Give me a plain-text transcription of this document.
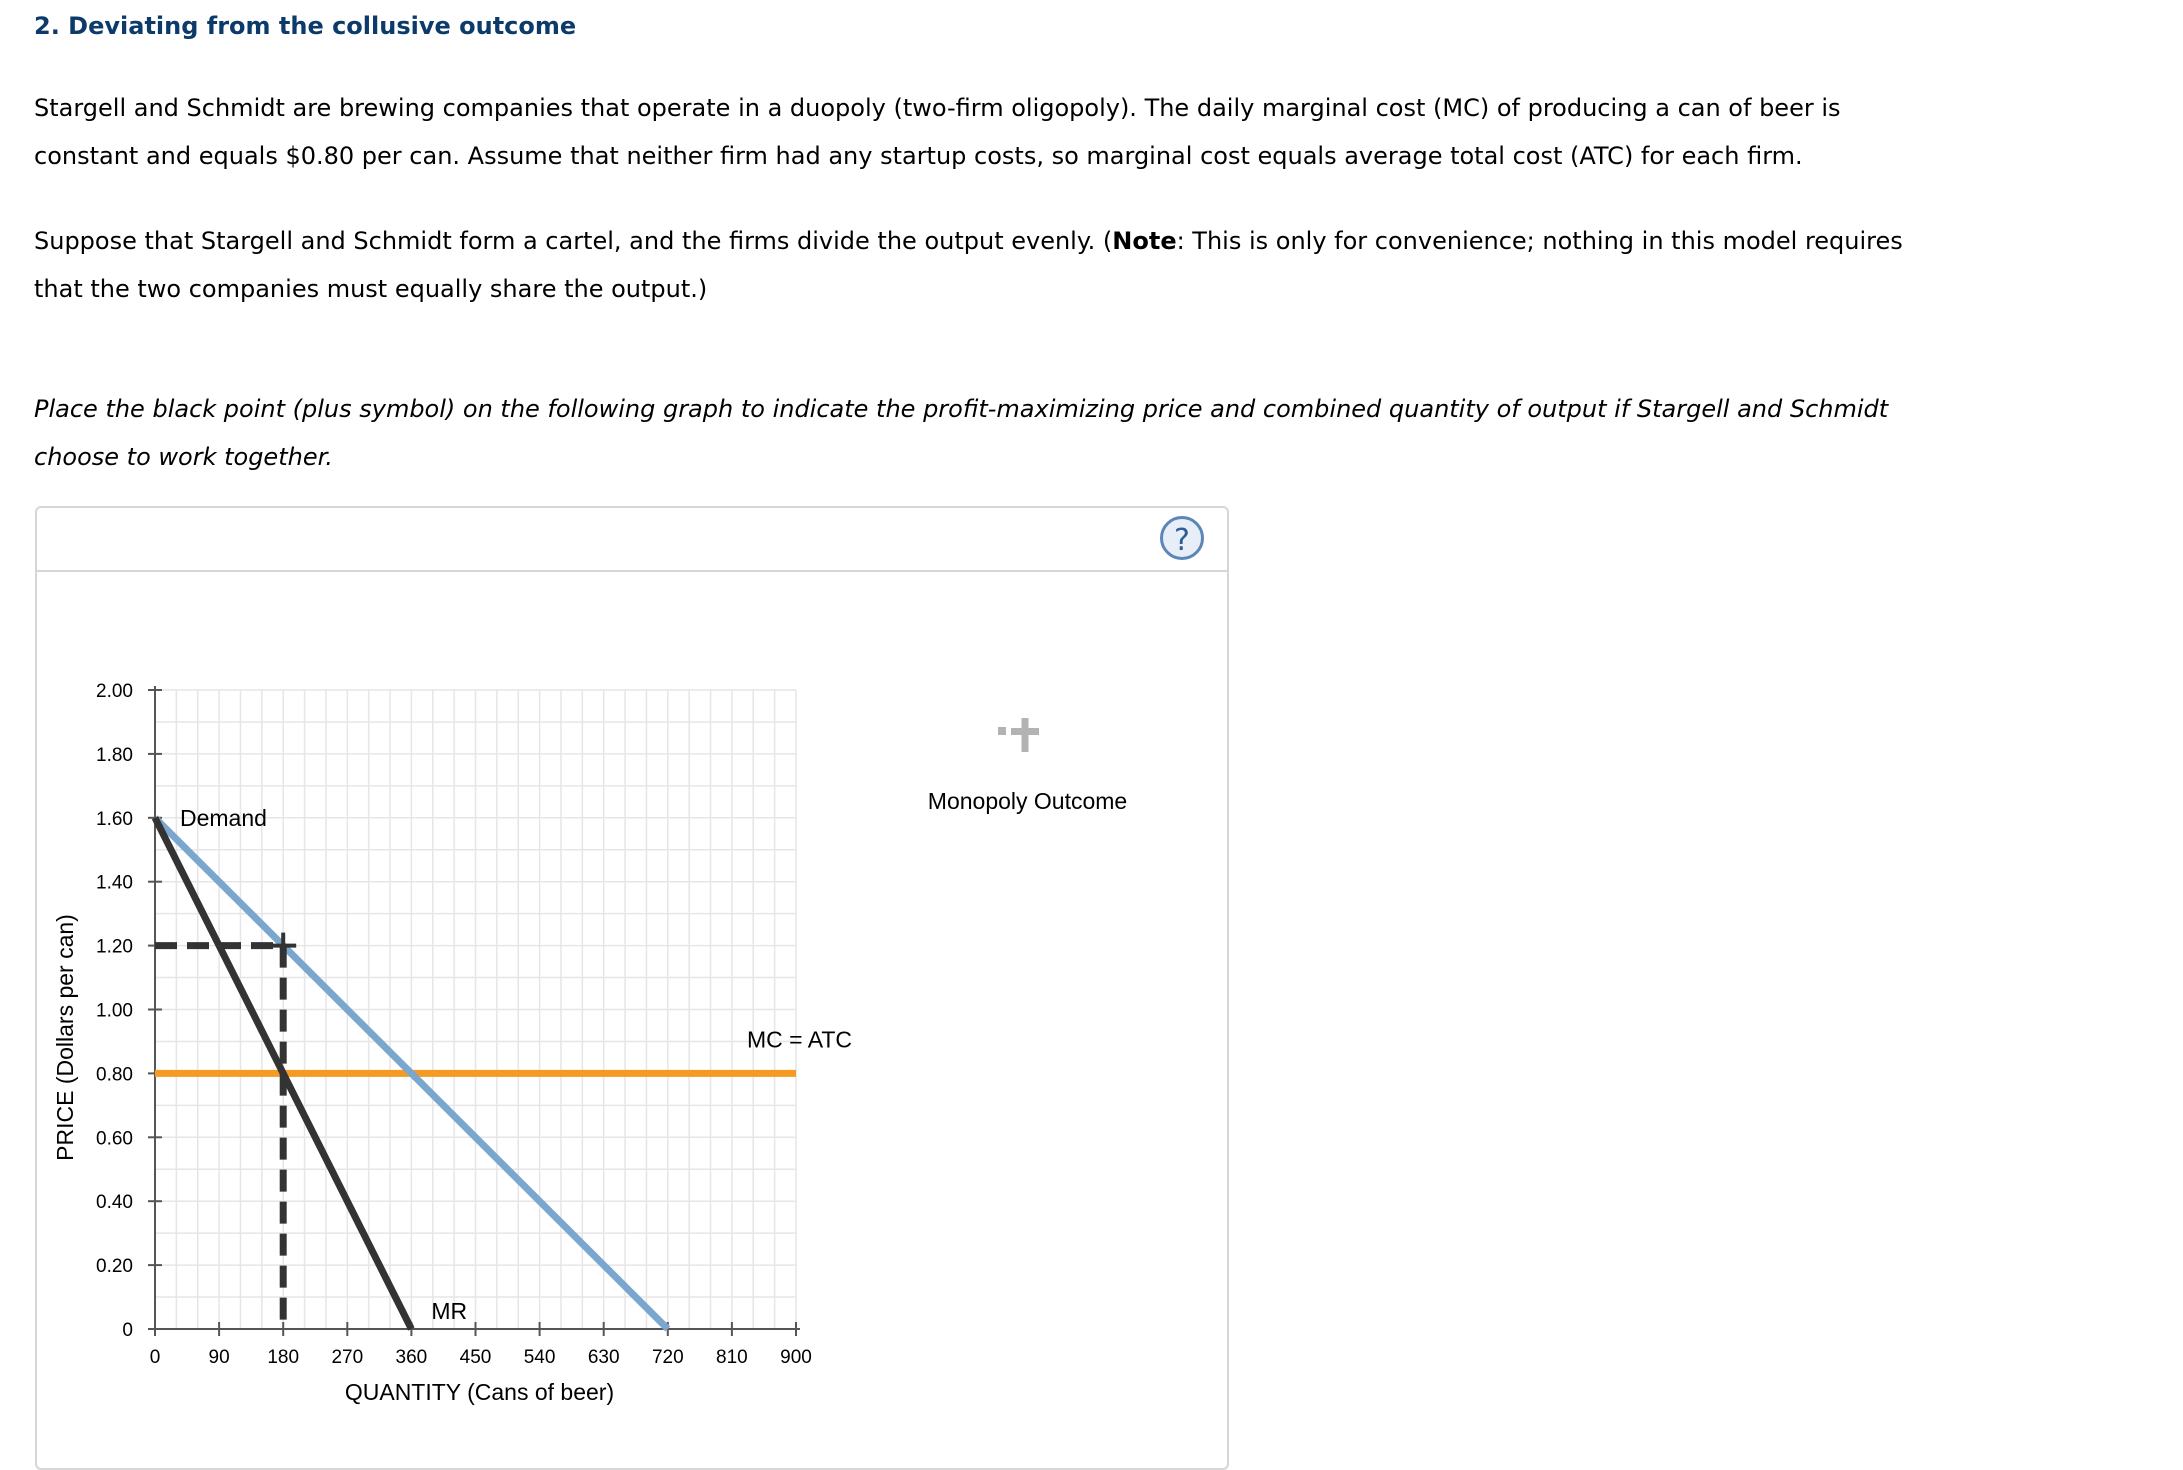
2. Deviating from the collusive outcome

Stargell and Schmidt are brewing companies that operate in a duopoly (two-firm oligopoly). The daily marginal cost (MC) of producing a can of beer is constant and equals $0.80 per can. Assume that neither firm had any startup costs, so marginal cost equals average total cost (ATC) for each firm.

Suppose that Stargell and Schmidt form a cartel, and the firms divide the output evenly. (Note: This is only for convenience; nothing in this model requires that the two companies must equally share the output.)

Place the black point (plus symbol) on the following graph to indicate the profit-maximizing price and combined quantity of output if Stargell and Schmidt choose to work together.

?
0	90 180 270 360 450 540 630 720 810 900
0
0.20
0.40
0.60
0.80
1.00
1.20
1.40
1.60
1.80
2.00
QUANTITY (Cans of beer)
PRICE (Dollars per can)
Demand
MR
MC = ATC
Monopoly Outcome
